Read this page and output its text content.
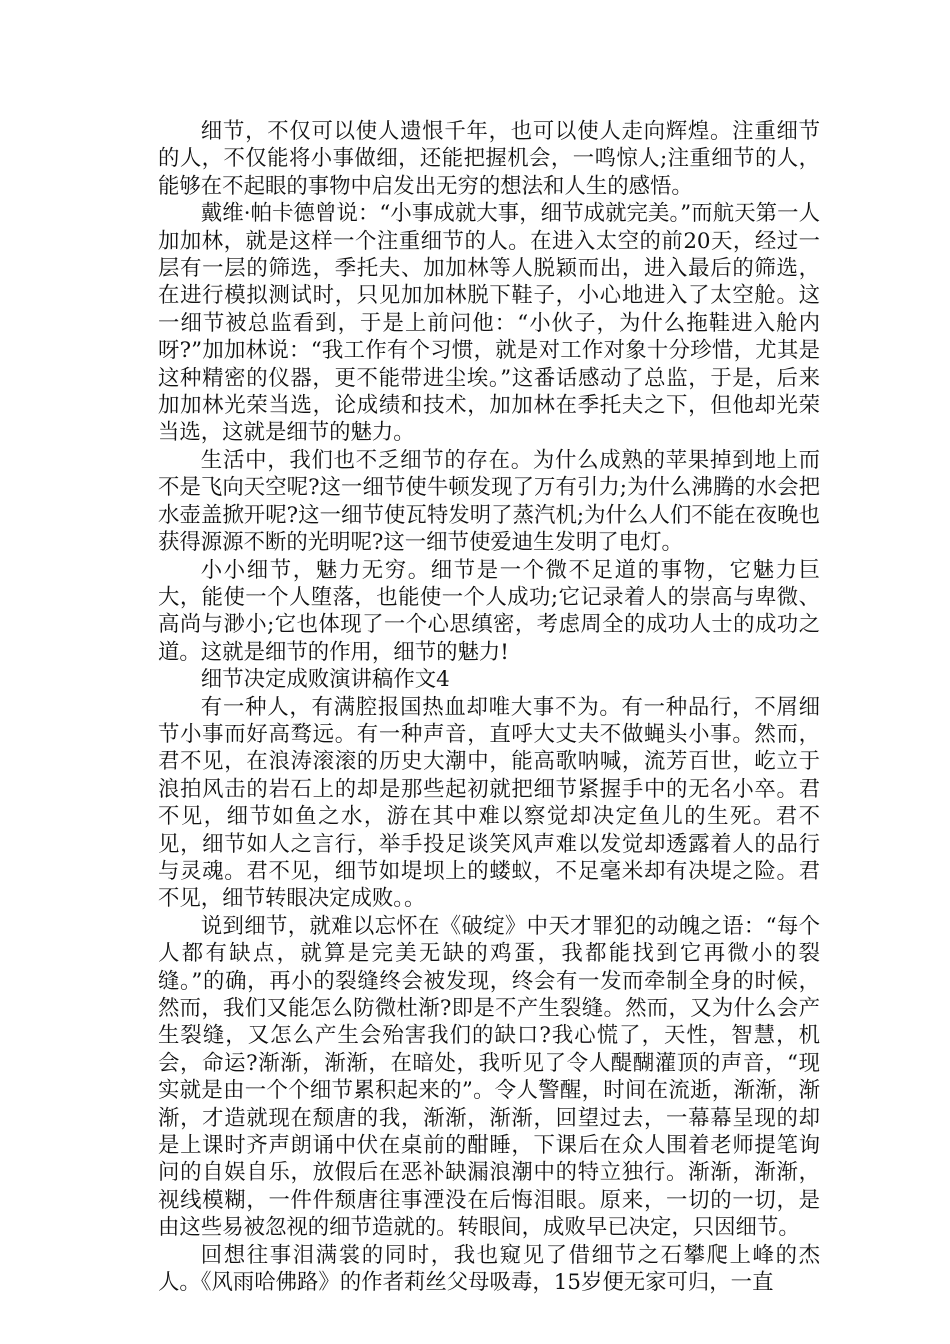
细节，不仅可以使人遗恨千年，也可以使人走向辉煌。注重细节的人，不仅能将小事做细，还能把握机会，一鸣惊人;注重细节的人，能够在不起眼的事物中启发出无穷的想法和人生的感悟。

戴维·帕卡德曾说：“小事成就大事，细节成就完美。”而航天第一人加加林，就是这样一个注重细节的人。在进入太空的前20天，经过一层有一层的筛选，季托夫、加加林等人脱颖而出，进入最后的筛选，在进行模拟测试时，只见加加林脱下鞋子，小心地进入了太空舱。这一细节被总监看到，于是上前问他：“小伙子，为什么拖鞋进入舱内呀?”加加林说：“我工作有个习惯，就是对工作对象十分珍惜，尤其是这种精密的仪器，更不能带进尘埃。”这番话感动了总监，于是，后来加加林光荣当选，论成绩和技术，加加林在季托夫之下，但他却光荣当选，这就是细节的魅力。

生活中，我们也不乏细节的存在。为什么成熟的苹果掉到地上而不是飞向天空呢?这一细节使牛顿发现了万有引力;为什么沸腾的水会把水壶盖掀开呢?这一细节使瓦特发明了蒸汽机;为什么人们不能在夜晚也获得源源不断的光明呢?这一细节使爱迪生发明了电灯。

小小细节，魅力无穷。细节是一个微不足道的事物，它魅力巨大，能使一个人堕落，也能使一个人成功;它记录着人的崇高与卑微、高尚与渺小;它也体现了一个心思缜密，考虑周全的成功人士的成功之道。这就是细节的作用，细节的魅力!

细节决定成败演讲稿作文4

有一种人，有满腔报国热血却唯大事不为。有一种品行，不屑细节小事而好高骛远。有一种声音，直呼大丈夫不做蝇头小事。然而，君不见，在浪涛滚滚的历史大潮中，能高歌呐喊，流芳百世，屹立于浪拍风击的岩石上的却是那些起初就把细节紧握手中的无名小卒。君不见，细节如鱼之水，游在其中难以察觉却决定鱼儿的生死。君不见，细节如人之言行，举手投足谈笑风声难以发觉却透露着人的品行与灵魂。君不见，细节如堤坝上的蝼蚁，不足毫米却有决堤之险。君不见，细节转眼决定成败。。

说到细节，就难以忘怀在《破绽》中天才罪犯的动魄之语：“每个人都有缺点，就算是完美无缺的鸡蛋，我都能找到它再微小的裂缝。”的确，再小的裂缝终会被发现，终会有一发而牵制全身的时候，然而，我们又能怎么防微杜渐?即是不产生裂缝。然而，又为什么会产生裂缝，又怎么产生会殆害我们的缺口?我心慌了，天性，智慧，机会，命运?渐渐，渐渐，在暗处，我听见了令人醍醐灌顶的声音，“现实就是由一个个细节累积起来的”。令人警醒，时间在流逝，渐渐，渐渐，才造就现在颓唐的我，渐渐，渐渐，回望过去，一幕幕呈现的却是上课时齐声朗诵中伏在桌前的酣睡，下课后在众人围着老师提笔询问的自娱自乐，放假后在恶补缺漏浪潮中的特立独行。渐渐，渐渐，视线模糊，一件件颓唐往事湮没在后悔泪眼。原来，一切的一切，是由这些易被忽视的细节造就的。转眼间，成败早已决定，只因细节。

回想往事泪满裳的同时，我也窥见了借细节之石攀爬上峰的杰人。《风雨哈佛路》的作者莉丝父母吸毒，15岁便无家可归，一直
